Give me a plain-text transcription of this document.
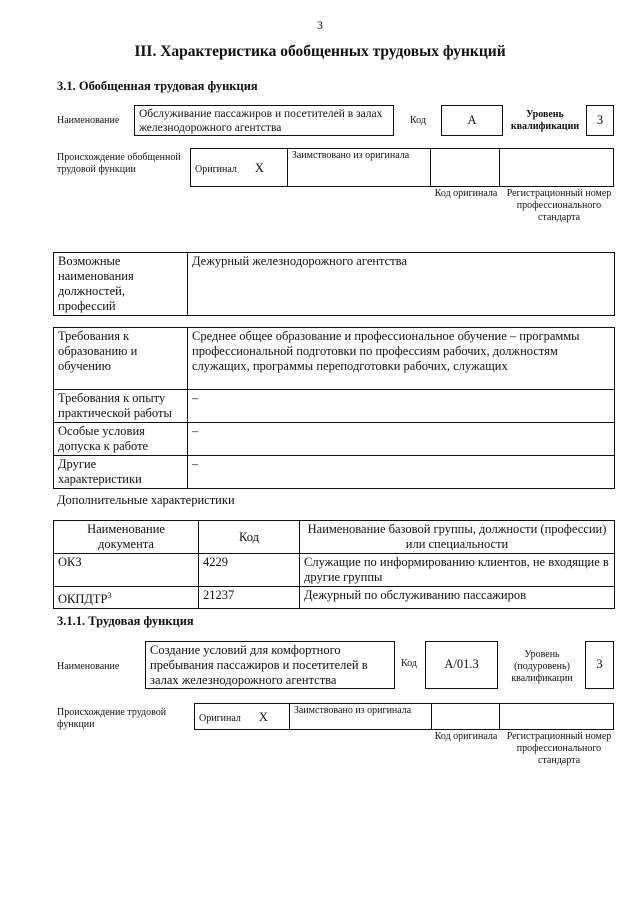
3
III. Характеристика обобщенных трудовых функций
3.1. Обобщенная трудовая функция
Наименование
Обслуживание пассажиров и посетителей в залах железнодорожного агентства
Код	А	Уровень квалификации	3
Происхождение обобщенной трудовой функции	Оригинал Х	Заимствовано из оригинала		
Код оригинала Регистрационный номер профессионального стандарта
Возможные наименования должностей, профессий	Дежурный железнодорожного агентства
Требования к образованию и обучению	Среднее общее образование и профессиональное обучение – программы профессиональной подготовки по профессиям рабочих, должностям служащих, программы переподготовки рабочих, служащих
Требования к опыту практической работы	–
Особые условия допуска к работе	–
Другие характеристики	–
Дополнительные характеристики
Наименование документа	Код	Наименование базовой группы, должности (профессии) или специальности
ОКЗ	4229	Служащие по информированию клиентов, не входящие в другие группы
ОКПДТР$^3$	21237	Дежурный по обслуживанию пассажиров
3.1.1. Трудовая функция
Наименование
Создание условий для комфортного пребывания пассажиров и посетителей в залах железнодорожного агентства
Код	А/01.3
Уровень (подуровень) квалификации
3
Происхождение трудовой функции
Оригинал Х	Заимствовано из оригинала		
Код оригинала Регистрационный номер профессионального стандарта
